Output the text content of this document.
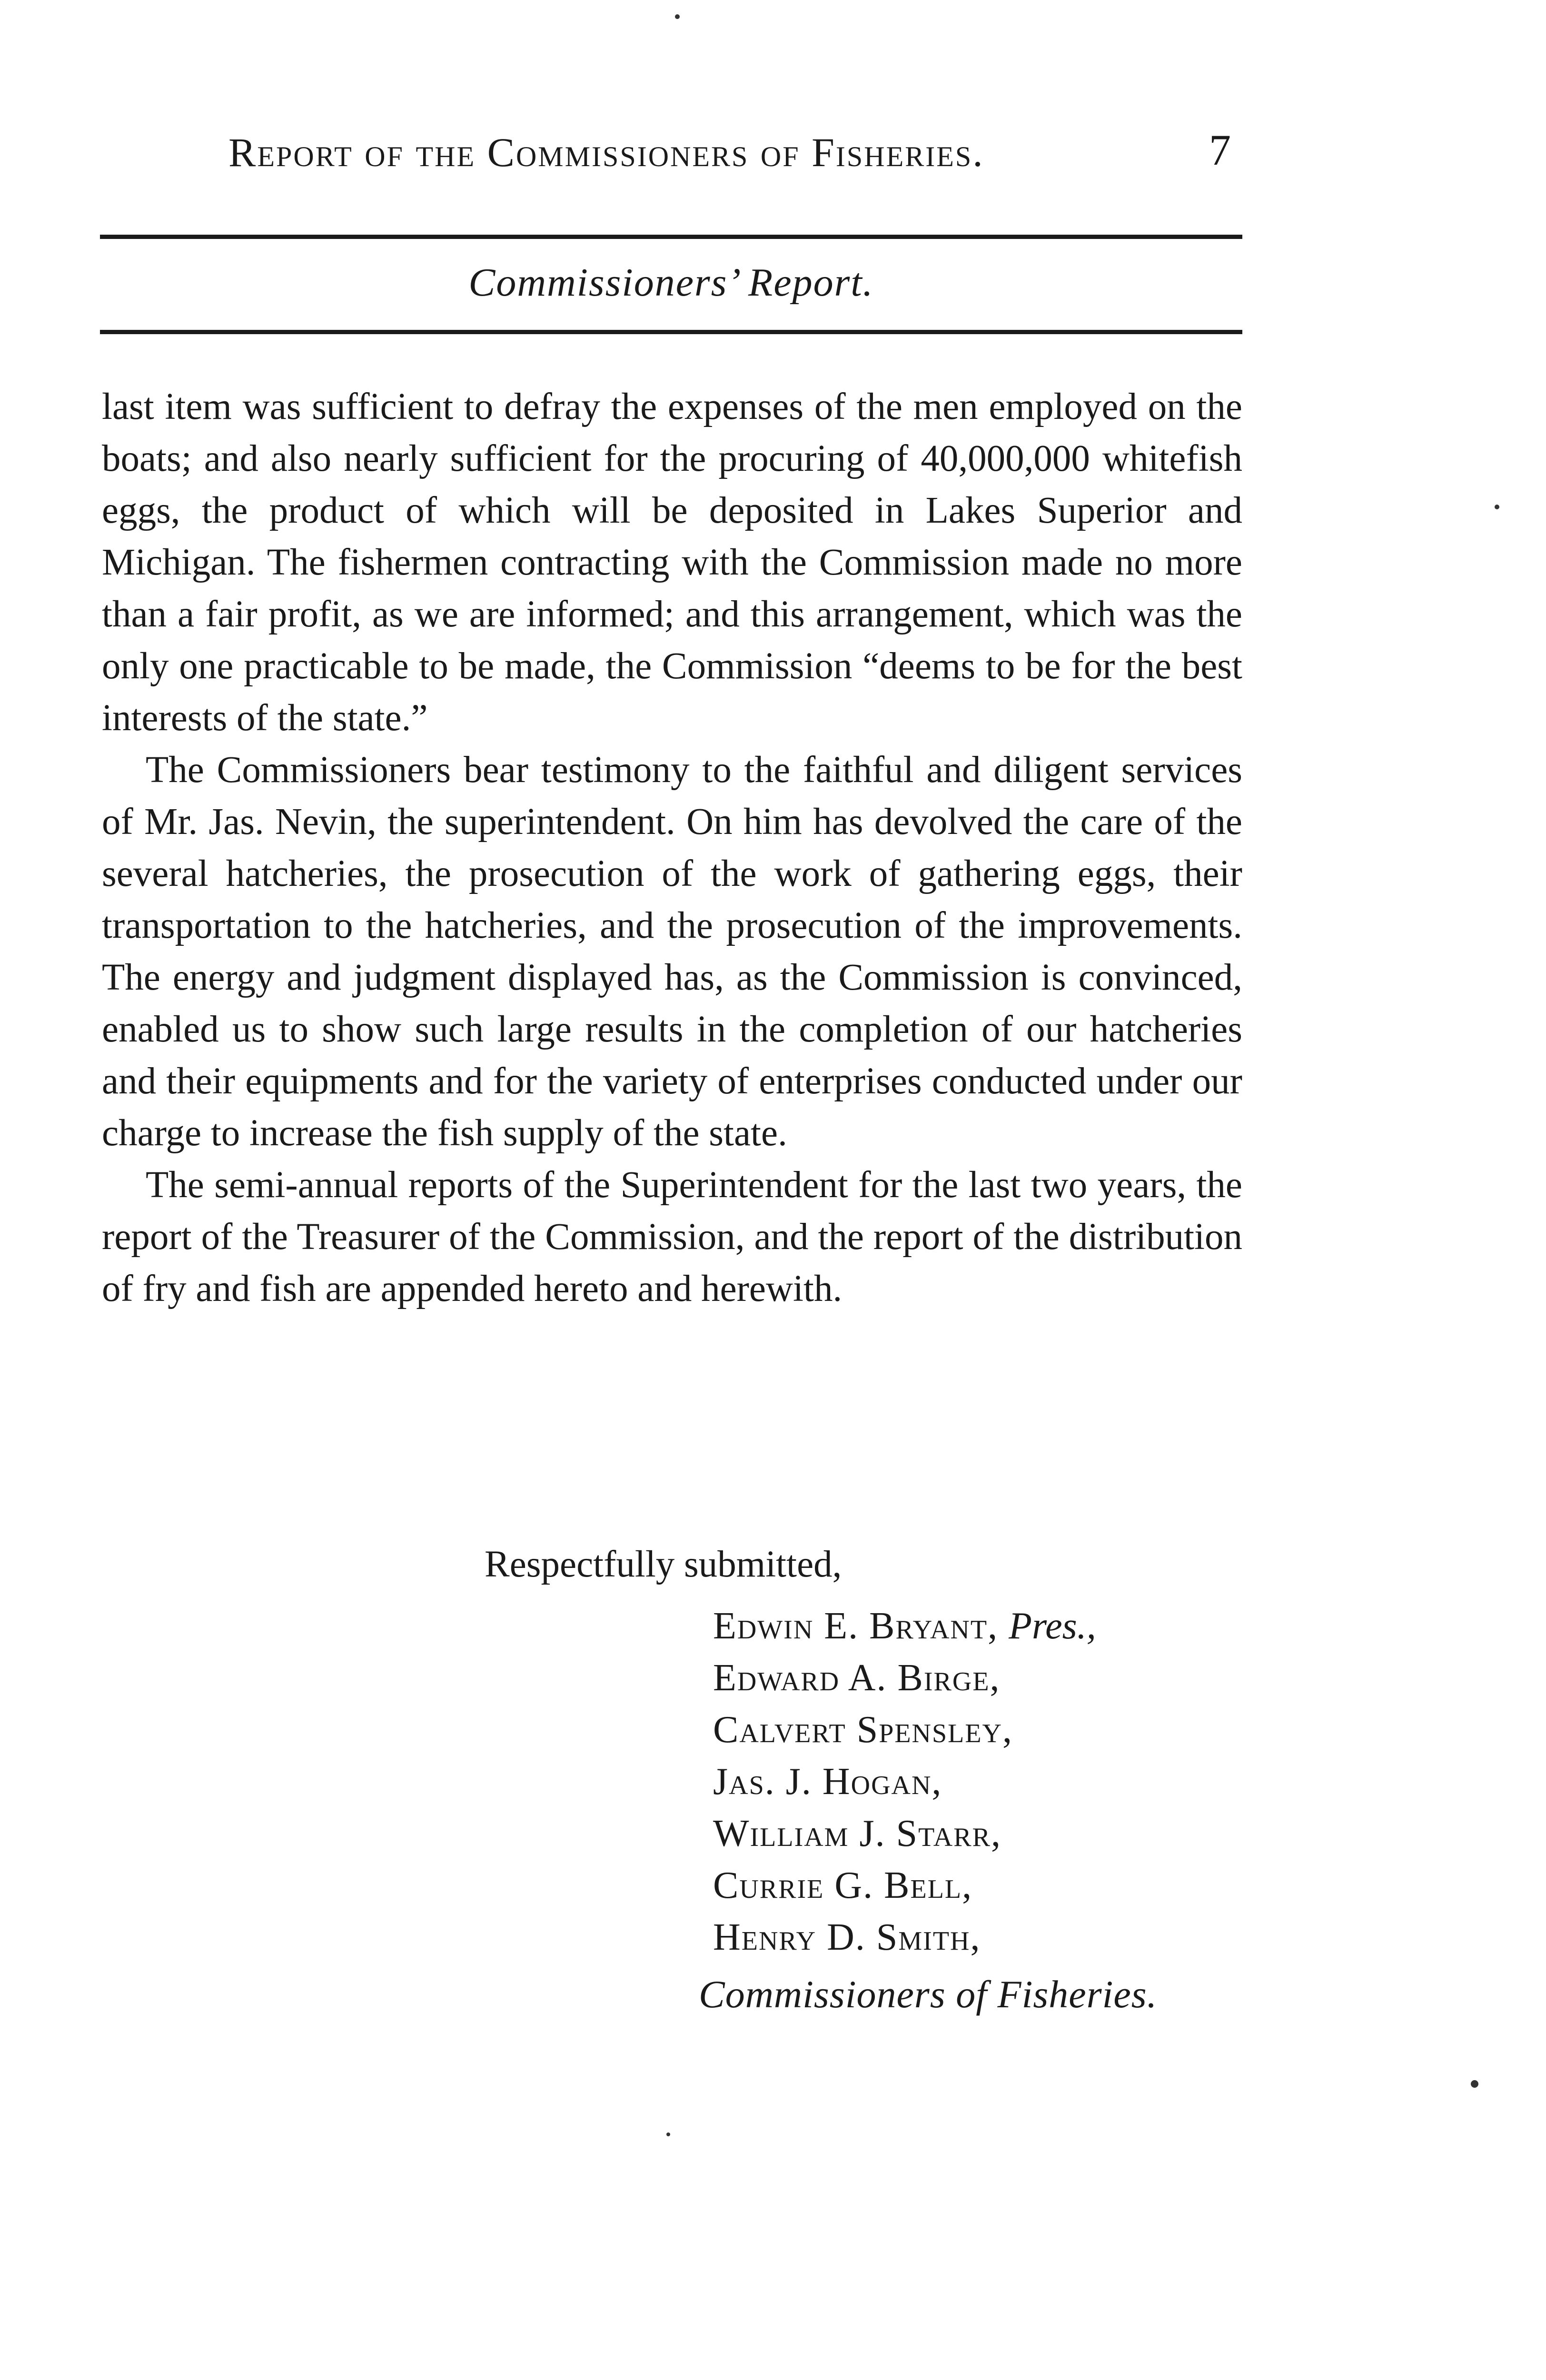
Report of the Commissioners of Fisheries.	7
Commissioners’ Report.

last item was sufficient to defray the expenses of the men employed on the boats; and also nearly sufficient for the procuring of 40,000,000 whitefish eggs, the product of which will be deposited in Lakes Superior and Michigan. The fishermen contracting with the Commission made no more than a fair profit, as we are informed; and this arrangement, which was the only one practicable to be made, the Commission “deems to be for the best interests of the state.”

The Commissioners bear testimony to the faithful and diligent services of Mr. Jas. Nevin, the superintendent. On him has devolved the care of the several hatcheries, the prosecution of the work of gathering eggs, their transportation to the hatcheries, and the prosecution of the improvements. The energy and judgment displayed has, as the Commission is convinced, enabled us to show such large results in the completion of our hatcheries and their equipments and for the variety of enterprises conducted under our charge to increase the fish supply of the state.

The semi-annual reports of the Superintendent for the last two years, the report of the Treasurer of the Commission, and the report of the distribution of fry and fish are appended hereto and herewith.

Respectfully submitted,
Edwin E. Bryant, Pres.,
Edward A. Birge,
Calvert Spensley,
Jas. J. Hogan,
William J. Starr,
Currie G. Bell,
Henry D. Smith,
Commissioners of Fisheries.
